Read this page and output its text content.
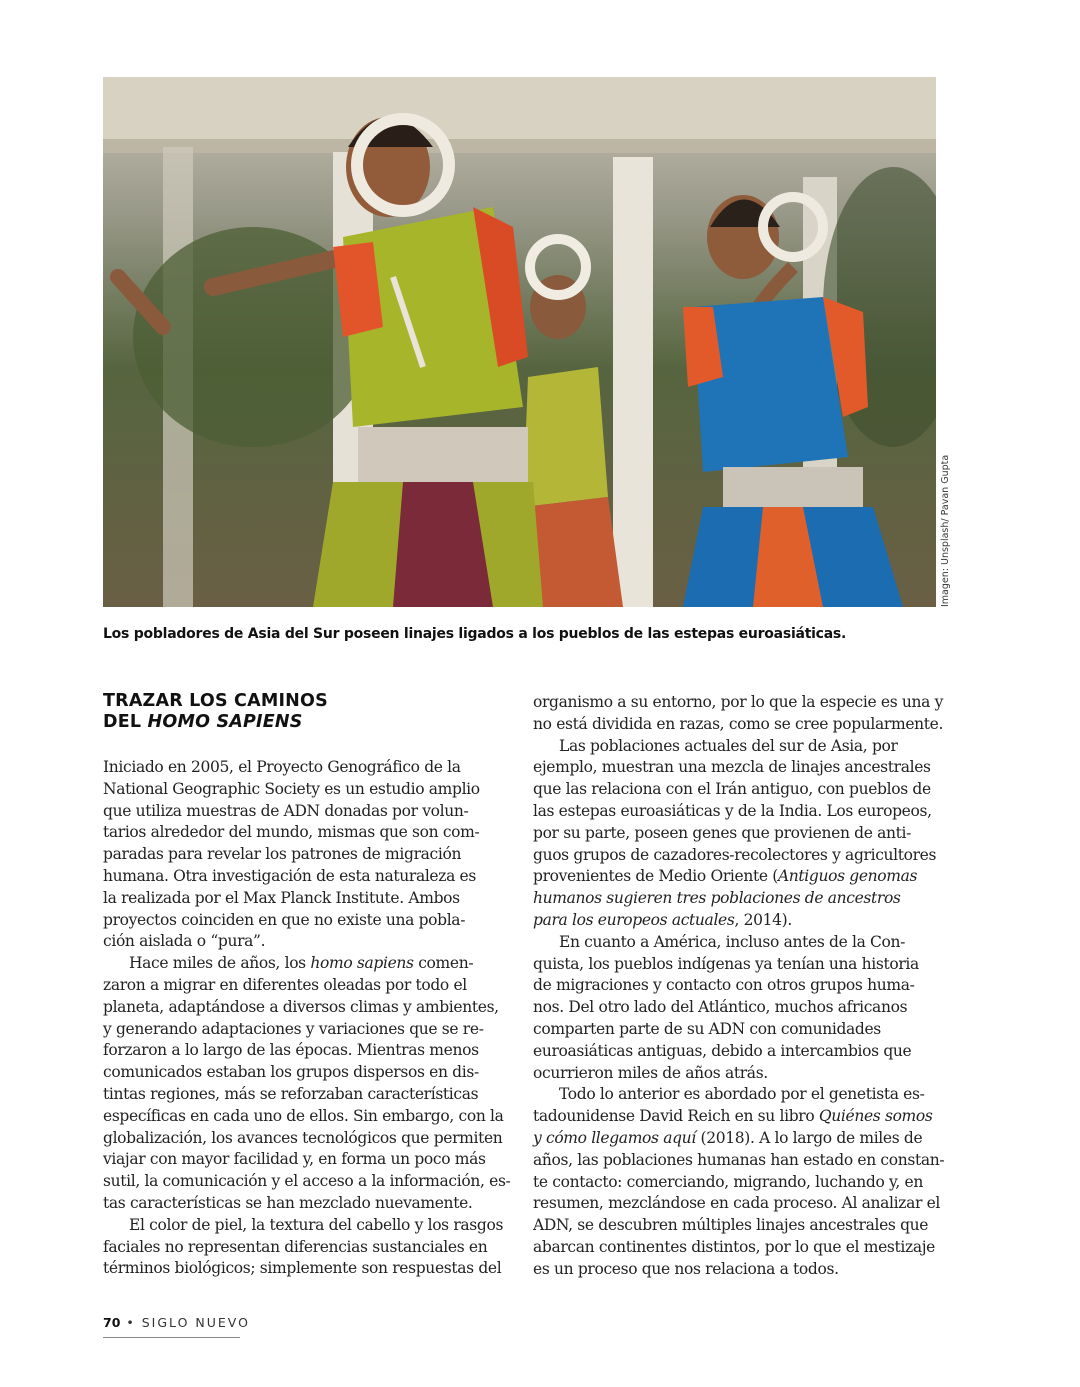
Imagen: Unsplash/ Pavan Gupta
Los pobladores de Asia del Sur poseen linajes ligados a los pueblos de las estepas euroasiáticas.
TRAZAR LOS CAMINOS
DEL HOMO SAPIENS
Iniciado en 2005, el Proyecto Genográfico de la
National Geographic Society es un estudio amplio
que utiliza muestras de ADN donadas por volun-
tarios alrededor del mundo, mismas que son com-
paradas para revelar los patrones de migración
humana. Otra investigación de esta naturaleza es
la realizada por el Max Planck Institute. Ambos
proyectos coinciden en que no existe una pobla-
ción aislada o “pura”.
Hace miles de años, los homo sapiens comen-
zaron a migrar en diferentes oleadas por todo el
planeta, adaptándose a diversos climas y ambientes,
y generando adaptaciones y variaciones que se re-
forzaron a lo largo de las épocas. Mientras menos
comunicados estaban los grupos dispersos en dis-
tintas regiones, más se reforzaban características
específicas en cada uno de ellos. Sin embargo, con la
globalización, los avances tecnológicos que permiten
viajar con mayor facilidad y, en forma un poco más
sutil, la comunicación y el acceso a la información, es-
tas características se han mezclado nuevamente.
El color de piel, la textura del cabello y los rasgos
faciales no representan diferencias sustanciales en
términos biológicos; simplemente son respuestas del
organismo a su entorno, por lo que la especie es una y
no está dividida en razas, como se cree popularmente.
Las poblaciones actuales del sur de Asia, por
ejemplo, muestran una mezcla de linajes ancestrales
que las relaciona con el Irán antiguo, con pueblos de
las estepas euroasiáticas y de la India. Los europeos,
por su parte, poseen genes que provienen de anti-
guos grupos de cazadores-recolectores y agricultores
provenientes de Medio Oriente (Antiguos genomas
humanos sugieren tres poblaciones de ancestros
para los europeos actuales, 2014).
En cuanto a América, incluso antes de la Con-
quista, los pueblos indígenas ya tenían una historia
de migraciones y contacto con otros grupos huma-
nos. Del otro lado del Atlántico, muchos africanos
comparten parte de su ADN con comunidades
euroasiáticas antiguas, debido a intercambios que
ocurrieron miles de años atrás.
Todo lo anterior es abordado por el genetista es-
tadounidense David Reich en su libro Quiénes somos
y cómo llegamos aquí (2018). A lo largo de miles de
años, las poblaciones humanas han estado en constan-
te contacto: comerciando, migrando, luchando y, en
resumen, mezclándose en cada proceso. Al analizar el
ADN, se descubren múltiples linajes ancestrales que
abarcan continentes distintos, por lo que el mestizaje
es un proceso que nos relaciona a todos.
70 • SIGLO NUEVO
